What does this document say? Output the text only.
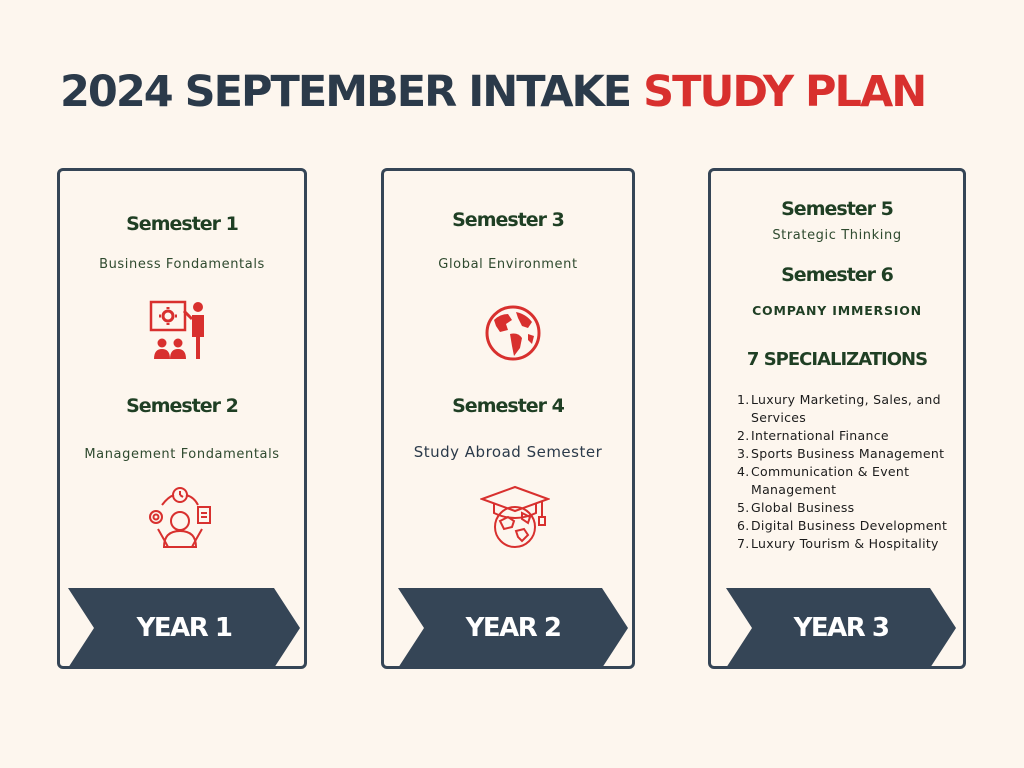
2024 SEPTEMBER INTAKE STUDY PLAN
Semester 1
Business Fondamentals
Semester 2
Management Fondamentals
YEAR 1
Semester 3
Global Environment
Semester 4
Study Abroad Semester
YEAR 2
Semester 5
Strategic Thinking
Semester 6
COMPANY IMMERSION
7 SPECIALIZATIONS
1. Luxury Marketing, Sales, and Services
2. International Finance
3. Sports Business Management
4. Communication & Event Management
5. Global Business
6. Digital Business Development
7. Luxury Tourism & Hospitality
YEAR 3
